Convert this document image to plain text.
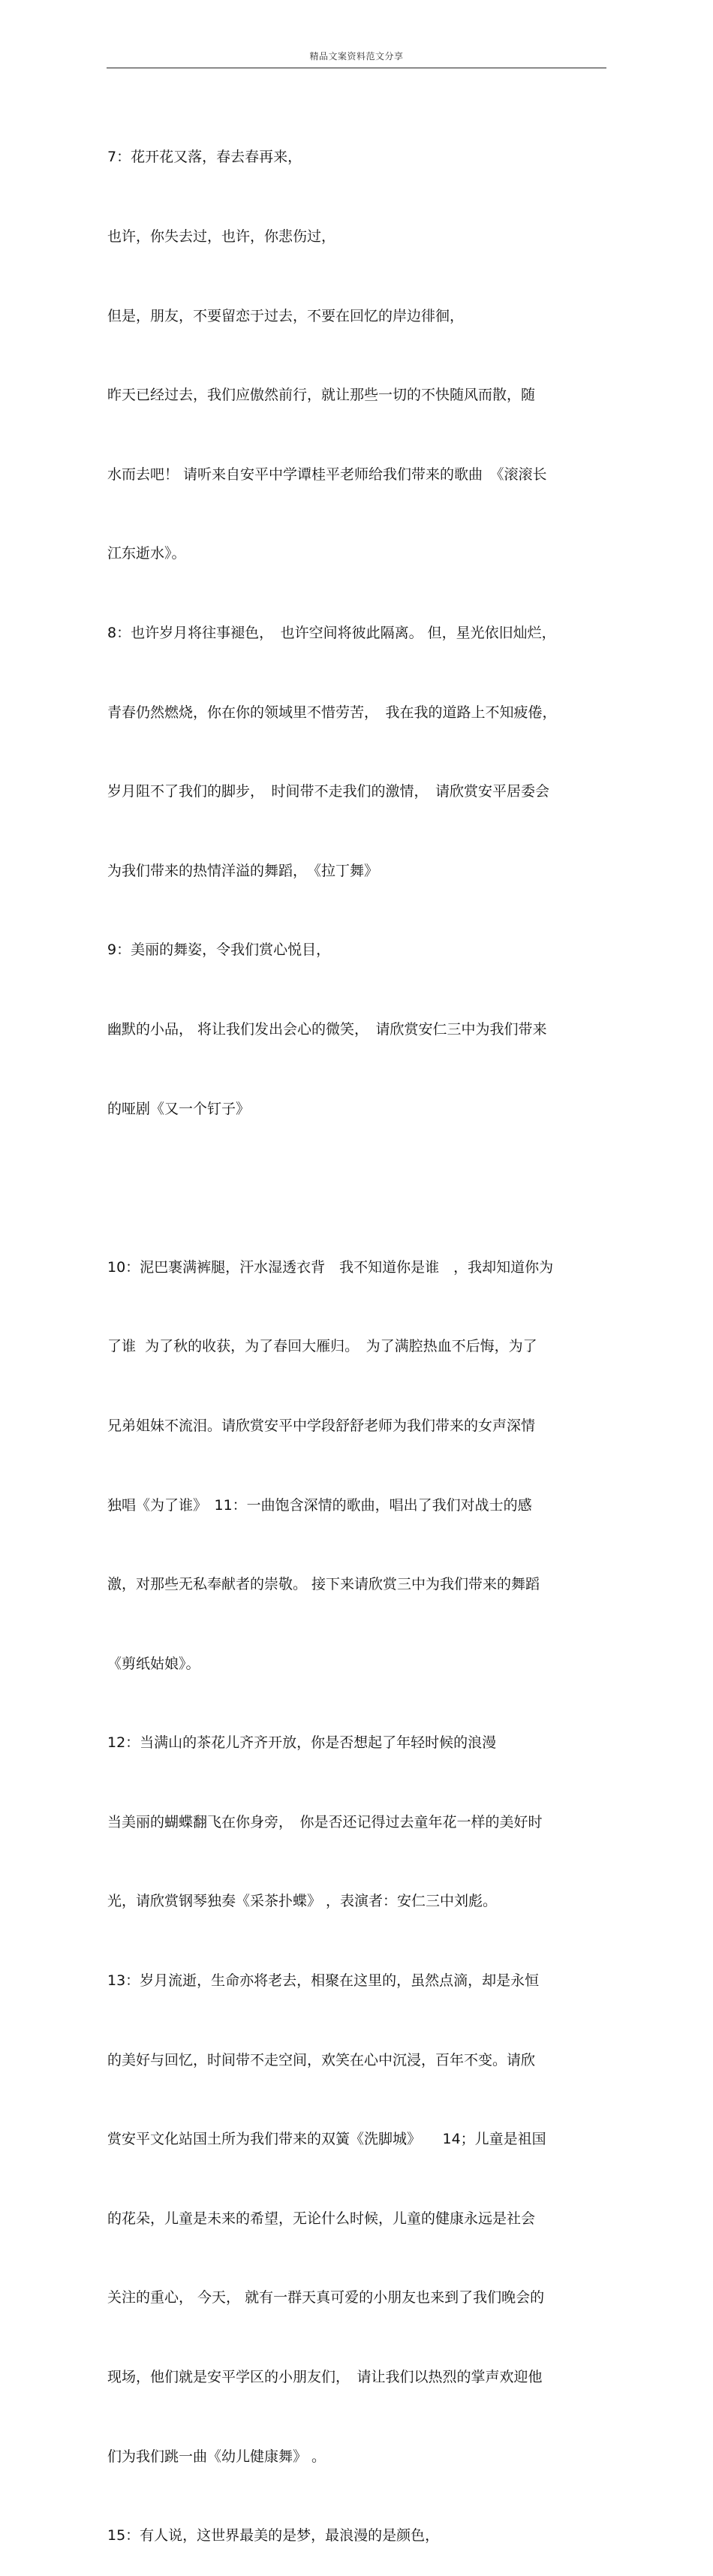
精品文案资料范文分享

7：花开花又落，春去春再来，

也许，你失去过，也许，你悲伤过，

但是，朋友，不要留恋于过去，不要在回忆的岸边徘徊，

昨天已经过去，我们应傲然前行，就让那些一切的不快随风而散，随

水而去吧！ 请听来自安平中学谭桂平老师给我们带来的歌曲　《滚滚长

江东逝水》。

8：也许岁月将往事褪色，　也许空间将彼此隔离。 但，星光依旧灿烂，

青春仍然燃烧，你在你的领域里不惜劳苦，　我在我的道路上不知疲倦，

岁月阻不了我们的脚步，　时间带不走我们的激情，　请欣赏安平居委会

为我们带来的热情洋溢的舞蹈，　《拉丁舞》

9：美丽的舞姿，令我们赏心悦目，

幽默的小品， 将让我们发出会心的微笑，　请欣赏安仁三中为我们带来

的哑剧《又一个钉子》

10：泥巴裹满裤腿，汗水湿透衣背　我不知道你是谁　，我却知道你为

了谁  为了秋的收获，为了春回大雁归。　为了满腔热血不后悔，为了

兄弟姐妹不流泪。请欣赏安平中学段舒舒老师为我们带来的女声深情

独唱《为了谁》　11：一曲饱含深情的歌曲，唱出了我们对战士的感

激，对那些无私奉献者的崇敬。 接下来请欣赏三中为我们带来的舞蹈

《剪纸姑娘》。

12：当满山的茶花儿齐齐开放，你是否想起了年轻时候的浪漫

当美丽的蝴蝶翻飞在你身旁，　你是否还记得过去童年花一样的美好时

光，请欣赏钢琴独奏《采茶扑蝶》 ，表演者：安仁三中刘彪。

13：岁月流逝，生命亦将老去，相聚在这里的，虽然点滴，却是永恒

的美好与回忆，时间带不走空间，欢笑在心中沉浸，百年不变。请欣

赏安平文化站国土所为我们带来的双簧《洗脚城》　　14；儿童是祖国

的花朵，儿童是未来的希望，无论什么时候，儿童的健康永远是社会

关注的重心， 今天， 就有一群天真可爱的小朋友也来到了我们晚会的

现场，他们就是安平学区的小朋友们，　请让我们以热烈的掌声欢迎他

们为我们跳一曲《幼儿健康舞》 。

15：有人说，这世界最美的是梦，最浪漫的是颜色，
